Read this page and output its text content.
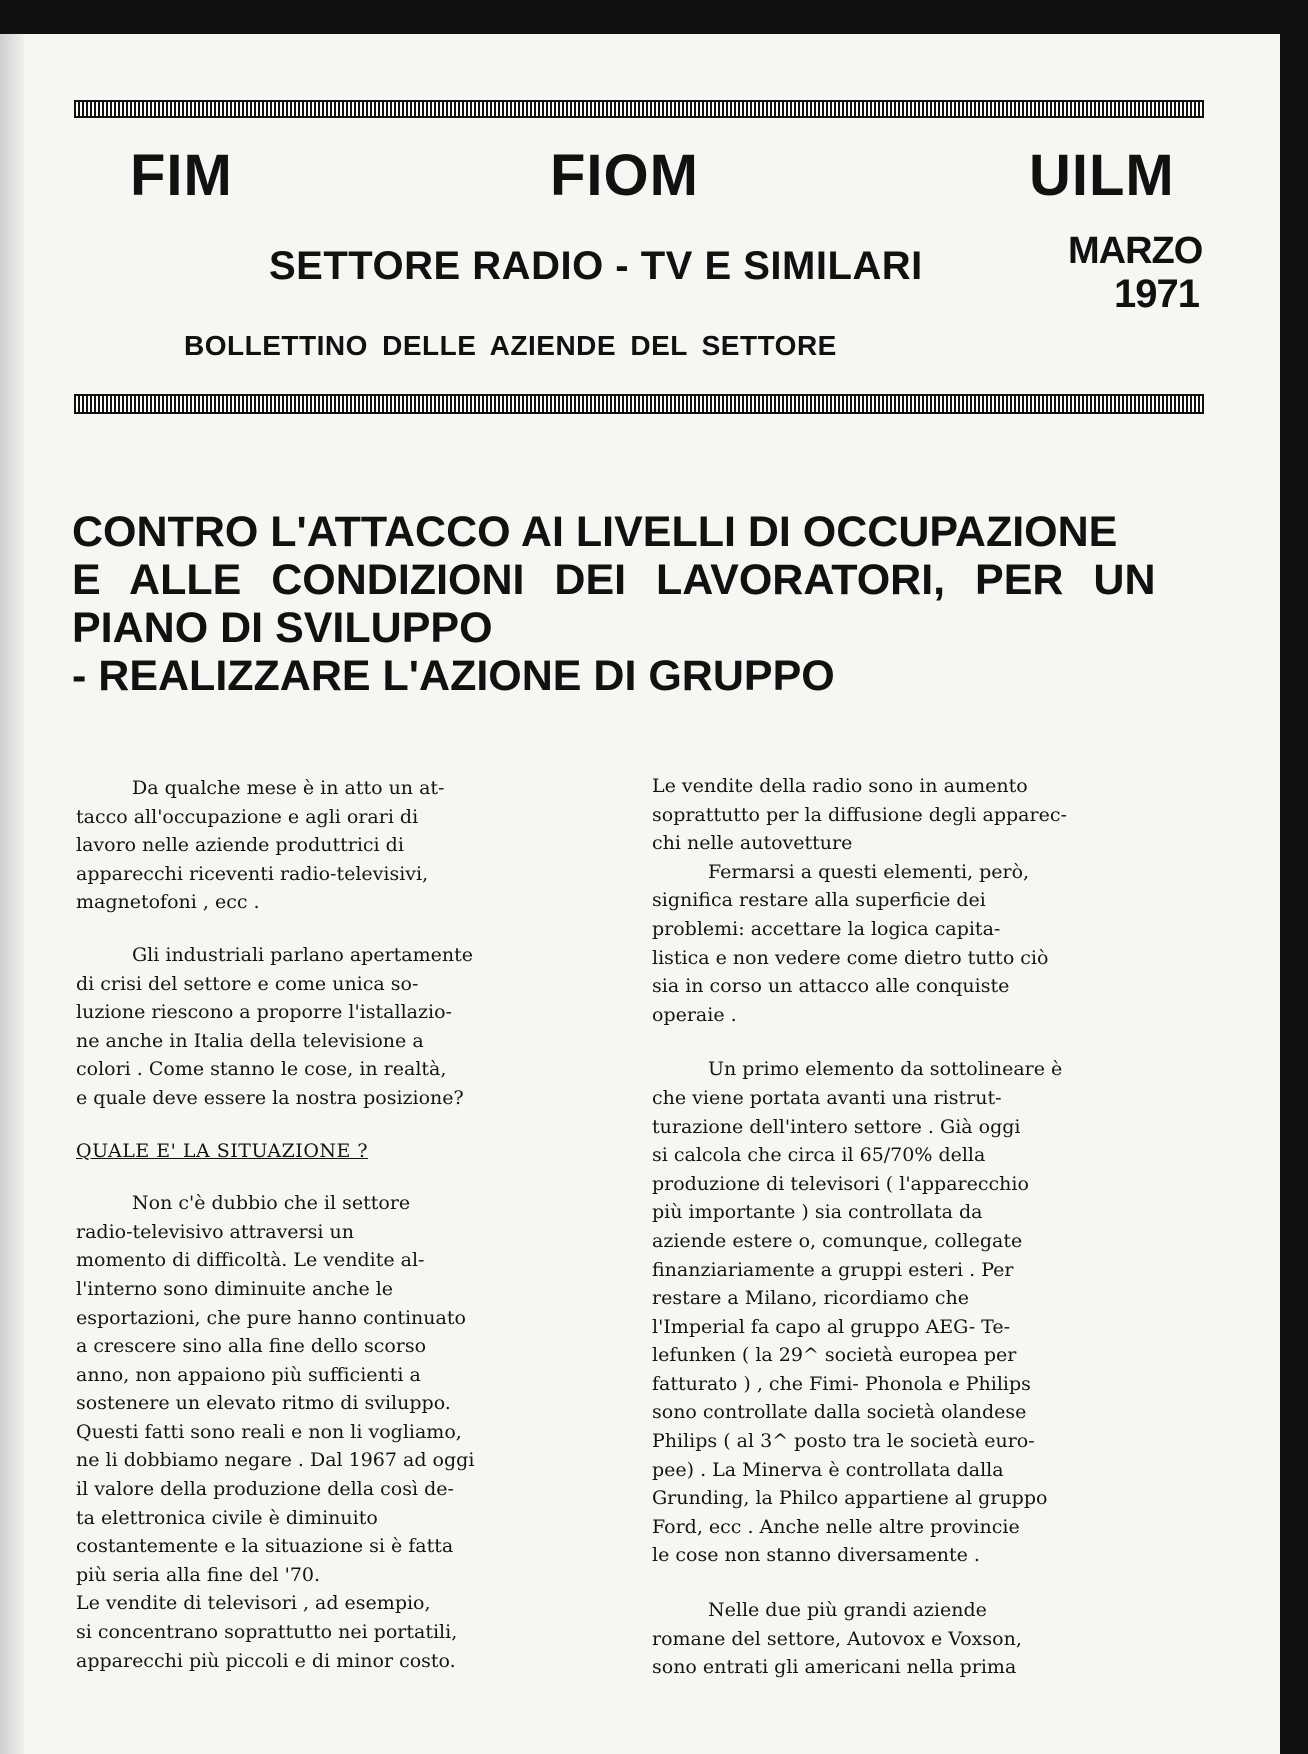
FIM	FIOM	UILM
SETTORE RADIO - TV E SIMILARI	MARZO
1971
BOLLETTINO DELLE AZIENDE DEL SETTORE
CONTRO L'ATTACCO AI LIVELLI DI OCCUPAZIONE
E ALLE CONDIZIONI DEI LAVORATORI, PER UN
PIANO DI SVILUPPO
- REALIZZARE L'AZIONE DI GRUPPO

Da qualche mese è in atto un at-
tacco all'occupazione e agli orari di
lavoro nelle aziende produttrici di
apparecchi riceventi radio-televisivi,
magnetofoni , ecc .

Gli industriali parlano apertamente
di crisi del settore e come unica so-
luzione riescono a proporre l'istallazio-
ne anche in Italia della televisione a
colori . Come stanno le cose, in realtà,
e quale deve essere la nostra posizione?

QUALE E' LA SITUAZIONE ?

Non c'è dubbio che il settore
radio-televisivo attraversi un
momento di difficoltà. Le vendite al-
l'interno sono diminuite anche le
esportazioni, che pure hanno continuato
a crescere sino alla fine dello scorso
anno, non appaiono più sufficienti a
sostenere un elevato ritmo di sviluppo.
Questi fatti sono reali e non li vogliamo,
ne li dobbiamo negare . Dal 1967 ad oggi
il valore della produzione della così de-
ta elettronica civile è diminuito
costantemente e la situazione si è fatta
più seria alla fine del '70.
Le vendite di televisori , ad esempio,
si concentrano soprattutto nei portatili,
apparecchi più piccoli e di minor costo.

Le vendite della radio sono in aumento
soprattutto per la diffusione degli apparec-
chi nelle autovetture

Fermarsi a questi elementi, però,
significa restare alla superficie dei
problemi: accettare la logica capita-
listica e non vedere come dietro tutto ciò
sia in corso un attacco alle conquiste
operaie .

Un primo elemento da sottolineare è
che viene portata avanti una ristrut-
turazione dell'intero settore . Già oggi
si calcola che circa il 65/70% della
produzione di televisori ( l'apparecchio
più importante ) sia controllata da
aziende estere o, comunque, collegate
finanziariamente a gruppi esteri . Per
restare a Milano, ricordiamo che
l'Imperial fa capo al gruppo AEG- Te-
lefunken ( la 29^ società europea per
fatturato ) , che Fimi- Phonola e Philips
sono controllate dalla società olandese
Philips ( al 3^ posto tra le società euro-
pee) . La Minerva è controllata dalla
Grunding, la Philco appartiene al gruppo
Ford, ecc . Anche nelle altre provincie
le cose non stanno diversamente .

Nelle due più grandi aziende
romane del settore, Autovox e Voxson,
sono entrati gli americani nella prima
